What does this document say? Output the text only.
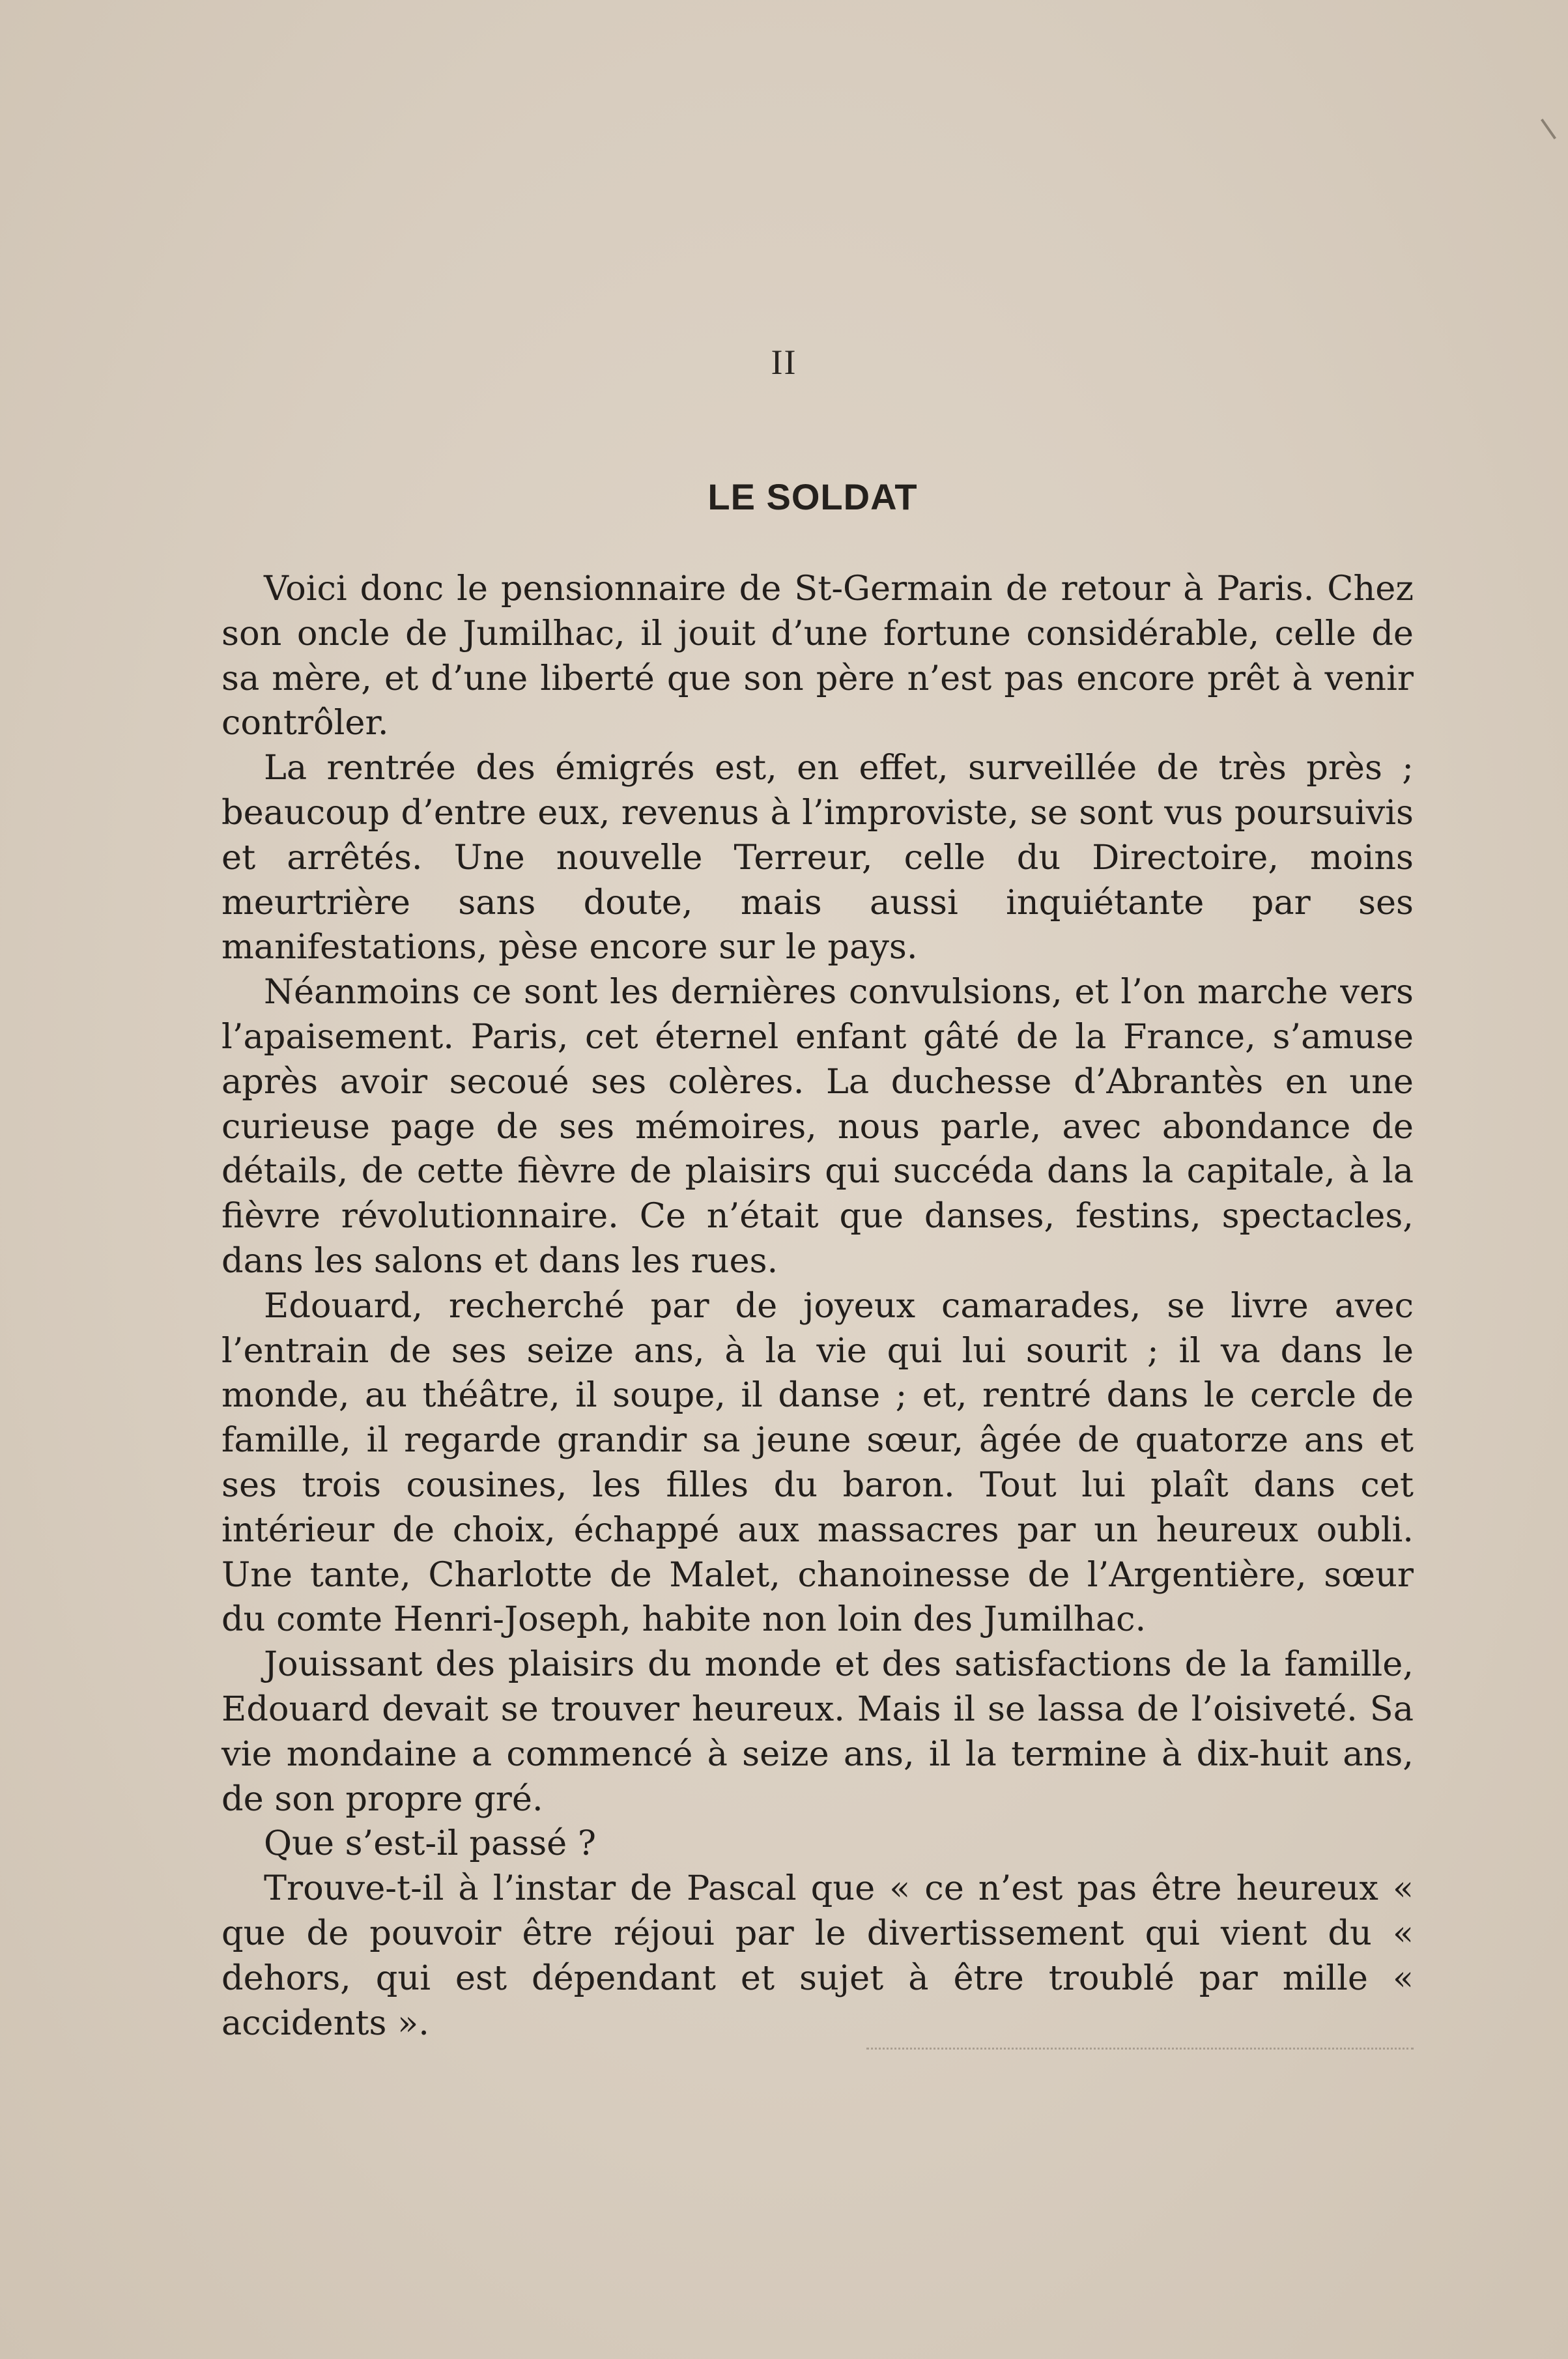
II
LE SOLDAT

Voici donc le pensionnaire de St-Germain de retour à Paris. Chez son oncle de Jumilhac, il jouit d’une fortune considérable, celle de sa mère, et d’une liberté que son père n’est pas encore prêt à venir contrôler.

La rentrée des émigrés est, en effet, surveillée de très près ; beaucoup d’entre eux, revenus à l’improviste, se sont vus poursuivis et arrêtés. Une nouvelle Terreur, celle du Directoire, moins meurtrière sans doute, mais aussi inquiétante par ses manifestations, pèse encore sur le pays.

Néanmoins ce sont les dernières convulsions, et l’on marche vers l’apaisement. Paris, cet éternel enfant gâté de la France, s’amuse après avoir secoué ses colères. La duchesse d’Abrantès en une curieuse page de ses mémoires, nous parle, avec abondance de détails, de cette fièvre de plaisirs qui succéda dans la capitale, à la fièvre révolutionnaire. Ce n’était que danses, festins, spectacles, dans les salons et dans les rues.

Edouard, recherché par de joyeux camarades, se livre avec l’entrain de ses seize ans, à la vie qui lui sourit ; il va dans le monde, au théâtre, il soupe, il danse ; et, rentré dans le cercle de famille, il regarde grandir sa jeune sœur, âgée de quatorze ans et ses trois cousines, les filles du baron. Tout lui plaît dans cet intérieur de choix, échappé aux massacres par un heureux oubli. Une tante, Charlotte de Malet, chanoinesse de l’Argentière, sœur du comte Henri-Joseph, habite non loin des Jumilhac.

Jouissant des plaisirs du monde et des satisfactions de la famille, Edouard devait se trouver heureux. Mais il se lassa de l’oisiveté. Sa vie mondaine a commencé à seize ans, il la termine à dix-huit ans, de son propre gré.

Que s’est-il passé ?

Trouve-t-il à l’instar de Pascal que « ce n’est pas être heureux « que de pouvoir être réjoui par le divertissement qui vient du « dehors, qui est dépendant et sujet à être troublé par mille « accidents ».
